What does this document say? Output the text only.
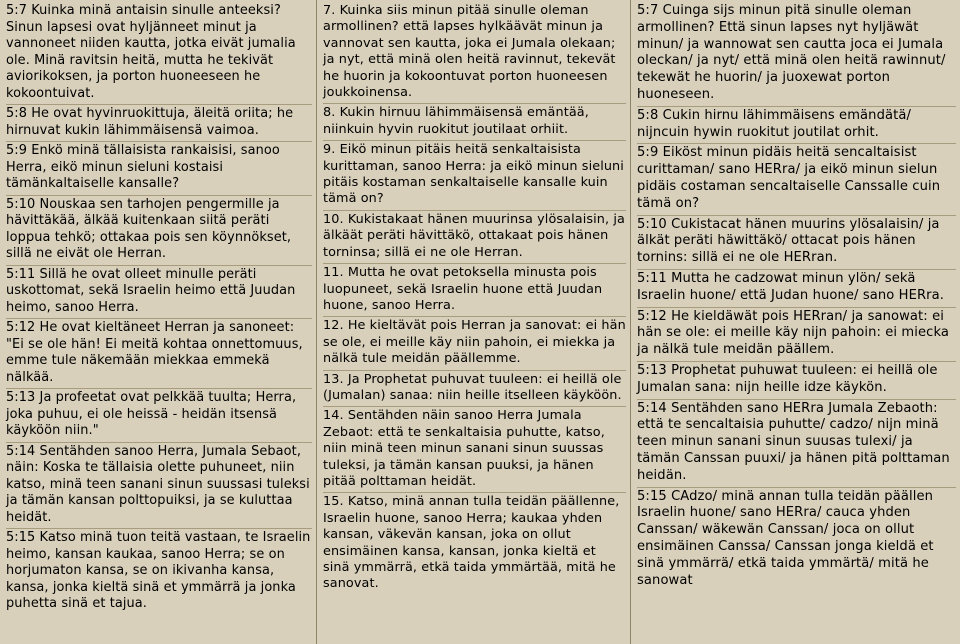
5:7 Kuinka minä antaisin sinulle anteeksi? Sinun lapsesi ovat hyljänneet minut ja vannoneet niiden kautta, jotka eivät jumalia ole. Minä ravitsin heitä, mutta he tekivät aviorikoksen, ja porton huoneeseen he kokoontuivat.
5:8 He ovat hyvinruokittuja, äleitä oriita; he hirnuvat kukin lähimmäisensä vaimoa.
5:9 Enkö minä tällaisista rankaisisi, sanoo Herra, eikö minun sieluni kostaisi tämänkaltaiselle kansalle?
5:10 Nouskaa sen tarhojen pengermille ja hävittäkää, älkää kuitenkaan siitä peräti loppua tehkö; ottakaa pois sen köynnökset, sillä ne eivät ole Herran.
5:11 Sillä he ovat olleet minulle peräti uskottomat, sekä Israelin heimo että Juudan heimo, sanoo Herra.
5:12 He ovat kieltäneet Herran ja sanoneet: "Ei se ole hän! Ei meitä kohtaa onnettomuus, emme tule näkemään miekkaa emmekä nälkää.
5:13 Ja profeetat ovat pelkkää tuulta; Herra, joka puhuu, ei ole heissä - heidän itsensä käyköön niin."
5:14 Sentähden sanoo Herra, Jumala Sebaot, näin: Koska te tällaisia olette puhuneet, niin katso, minä teen sanani sinun suussasi tuleksi ja tämän kansan polttopuiksi, ja se kuluttaa heidät.
5:15 Katso minä tuon teitä vastaan, te Israelin heimo, kansan kaukaa, sanoo Herra; se on horjumaton kansa, se on ikivanha kansa, kansa, jonka kieltä sinä et ymmärrä ja jonka puhetta sinä et tajua.
7. Kuinka siis minun pitää sinulle oleman armollinen? että lapses hylkäävät minun ja vannovat sen kautta, joka ei Jumala olekaan; ja nyt, että minä olen heitä ravinnut, tekevät he huorin ja kokoontuvat porton huoneesen joukkoinensa.
8. Kukin hirnuu lähimmäisensä emäntää, niinkuin hyvin ruokitut joutilaat orhiit.
9. Eikö minun pitäis heitä senkaltaisista kurittaman, sanoo Herra: ja eikö minun sieluni pitäis kostaman senkaltaiselle kansalle kuin tämä on?
10. Kukistakaat hänen muurinsa ylösalaisin, ja älkäät peräti hävittäkö, ottakaat pois hänen torninsa; sillä ei ne ole Herran.
11. Mutta he ovat petoksella minusta pois luopuneet, sekä Israelin huone että Juudan huone, sanoo Herra.
12. He kieltävät pois Herran ja sanovat: ei hän se ole, ei meille käy niin pahoin, ei miekka ja nälkä tule meidän päällemme.
13. Ja Prophetat puhuvat tuuleen: ei heillä ole (Jumalan) sanaa: niin heille itselleen käyköön.
14. Sentähden näin sanoo Herra Jumala Zebaot: että te senkaltaisia puhutte, katso, niin minä teen minun sanani sinun suussas tuleksi, ja tämän kansan puuksi, ja hänen pitää polttaman heidät.
15. Katso, minä annan tulla teidän päällenne, Israelin huone, sanoo Herra; kaukaa yhden kansan, väkevän kansan, joka on ollut ensimäinen kansa, kansan, jonka kieltä et sinä ymmärrä, etkä taida ymmärtää, mitä he sanovat.
5:7 Cuinga sijs minun pitä sinulle oleman armollinen? Että sinun lapses nyt hyljäwät minun/ ja wannowat sen cautta joca ei Jumala oleckan/ ja nyt/ että minä olen heitä rawinnut/ tekewät he huorin/ ja juoxewat porton huoneseen.
5:8 Cukin hirnu lähimmäisens emändätä/ nijncuin hywin ruokitut joutilat orhit.
5:9 Eiköst minun pidäis heitä sencaltaisist curittaman/ sano HERra/ ja eikö minun sielun pidäis costaman sencaltaiselle Canssalle cuin tämä on?
5:10 Cukistacat hänen muurins ylösalaisin/ ja älkät peräti häwittäkö/ ottacat pois hänen tornins: sillä ei ne ole HERran.
5:11 Mutta he cadzowat minun ylön/ sekä Israelin huone/ että Judan huone/ sano HERra.
5:12 He kieldäwät pois HERran/ ja sanowat: ei hän se ole: ei meille käy nijn pahoin: ei miecka ja nälkä tule meidän päällem.
5:13 Prophetat puhuwat tuuleen: ei heillä ole Jumalan sana: nijn heille idze käykön.
5:14 Sentähden sano HERra Jumala Zebaoth: että te sencaltaisia puhutte/ cadzo/ nijn minä teen minun sanani sinun suusas tulexi/ ja tämän Canssan puuxi/ ja hänen pitä polttaman heidän.
5:15 CAdzo/ minä annan tulla teidän päällen Israelin huone/ sano HERra/ cauca yhden Canssan/ wäkewän Canssan/ joca on ollut ensimäinen Canssa/ Canssan jonga kieldä et sinä ymmärrä/ etkä taida ymmärtä/ mitä he sanowat
